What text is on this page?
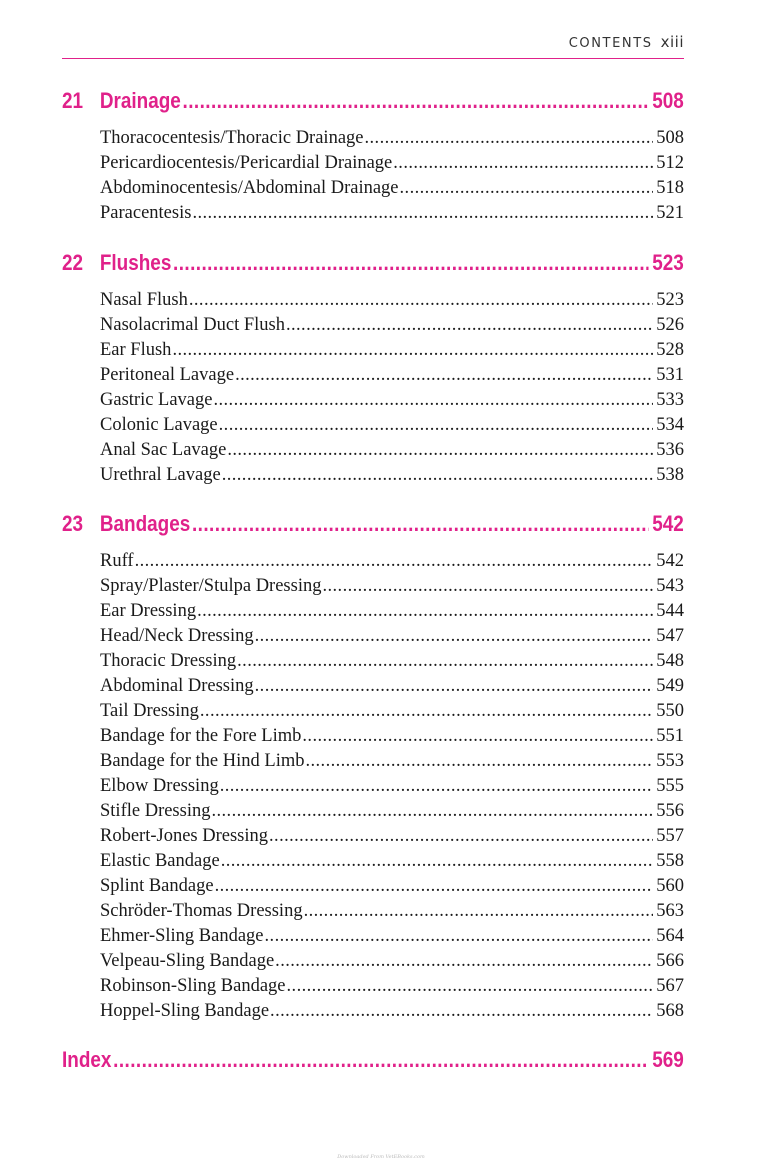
CONTENTS xiii
21 Drainage .....	508
Thoracocentesis/Thoracic Drainage .....	508
Pericardiocentesis/Pericardial Drainage .....	512
Abdominocentesis/Abdominal Drainage .....	518
Paracentesis .....	521
22 Flushes .....	523
Nasal Flush .....	523
Nasolacrimal Duct Flush .....	526
Ear Flush .....	528
Peritoneal Lavage .....	531
Gastric Lavage .....	533
Colonic Lavage .....	534
Anal Sac Lavage .....	536
Urethral Lavage .....	538
23 Bandages .....	542
Ruff .....	542
Spray/Plaster/Stulpa Dressing .....	543
Ear Dressing .....	544
Head/Neck Dressing .....	547
Thoracic Dressing .....	548
Abdominal Dressing .....	549
Tail Dressing .....	550
Bandage for the Fore Limb .....	551
Bandage for the Hind Limb .....	553
Elbow Dressing .....	555
Stifle Dressing .....	556
Robert-Jones Dressing .....	557
Elastic Bandage .....	558
Splint Bandage .....	560
Schröder-Thomas Dressing .....	563
Ehmer-Sling Bandage .....	564
Velpeau-Sling Bandage .....	566
Robinson-Sling Bandage .....	567
Hoppel-Sling Bandage .....	568
Index .....	569
Downloaded From VetEBooks.com
